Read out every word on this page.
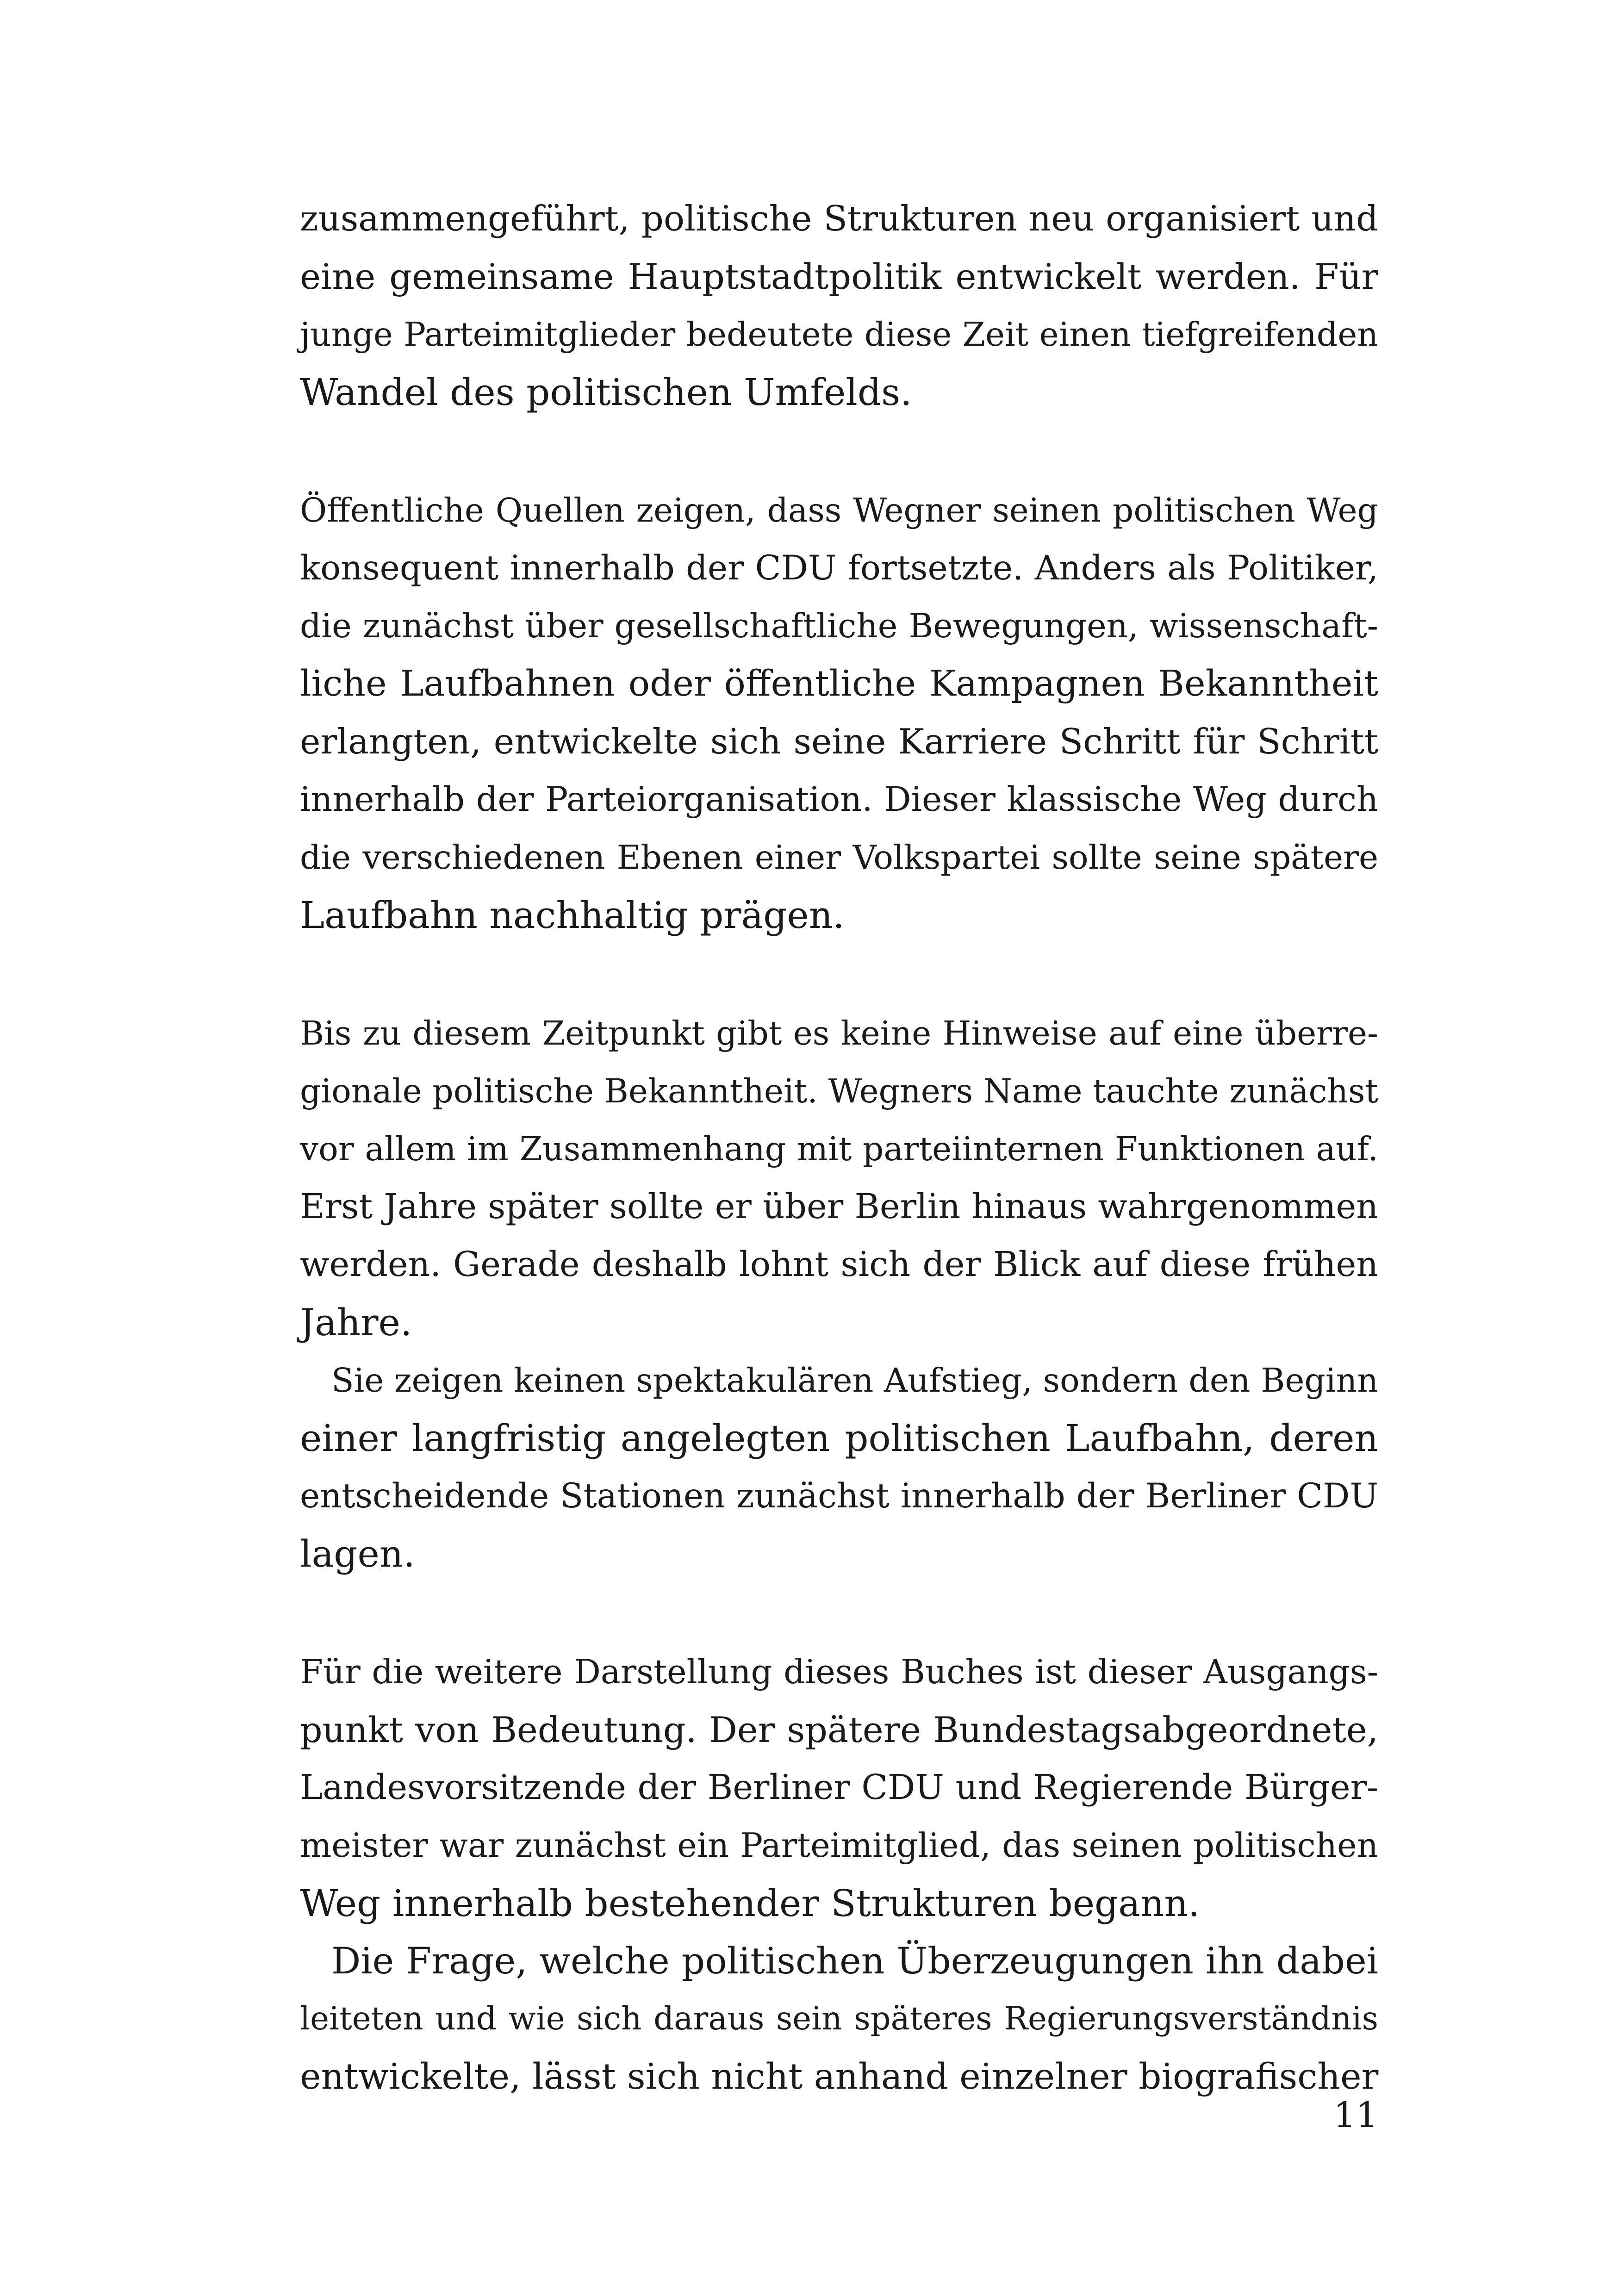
zusammengeführt, politische Strukturen neu organisiert und
eine gemeinsame Hauptstadtpolitik entwickelt werden. Für
junge Parteimitglieder bedeutete diese Zeit einen tiefgreifenden
Wandel des politischen Umfelds.
Öffentliche Quellen zeigen, dass Wegner seinen politischen Weg
konsequent innerhalb der CDU fortsetzte. Anders als Politiker,
die zunächst über gesellschaftliche Bewegungen, wissenschaft-
liche Laufbahnen oder öffentliche Kampagnen Bekanntheit
erlangten, entwickelte sich seine Karriere Schritt für Schritt
innerhalb der Parteiorganisation. Dieser klassische Weg durch
die verschiedenen Ebenen einer Volkspartei sollte seine spätere
Laufbahn nachhaltig prägen.
Bis zu diesem Zeitpunkt gibt es keine Hinweise auf eine überre-
gionale politische Bekanntheit. Wegners Name tauchte zunächst
vor allem im Zusammenhang mit parteiinternen Funktionen auf.
Erst Jahre später sollte er über Berlin hinaus wahrgenommen
werden. Gerade deshalb lohnt sich der Blick auf diese frühen
Jahre.
Sie zeigen keinen spektakulären Aufstieg, sondern den Beginn
einer langfristig angelegten politischen Laufbahn, deren
entscheidende Stationen zunächst innerhalb der Berliner CDU
lagen.
Für die weitere Darstellung dieses Buches ist dieser Ausgangs-
punkt von Bedeutung. Der spätere Bundestagsabgeordnete,
Landesvorsitzende der Berliner CDU und Regierende Bürger-
meister war zunächst ein Parteimitglied, das seinen politischen
Weg innerhalb bestehender Strukturen begann.
Die Frage, welche politischen Überzeugungen ihn dabei
leiteten und wie sich daraus sein späteres Regierungsverständnis
entwickelte, lässt sich nicht anhand einzelner biografischer
11
